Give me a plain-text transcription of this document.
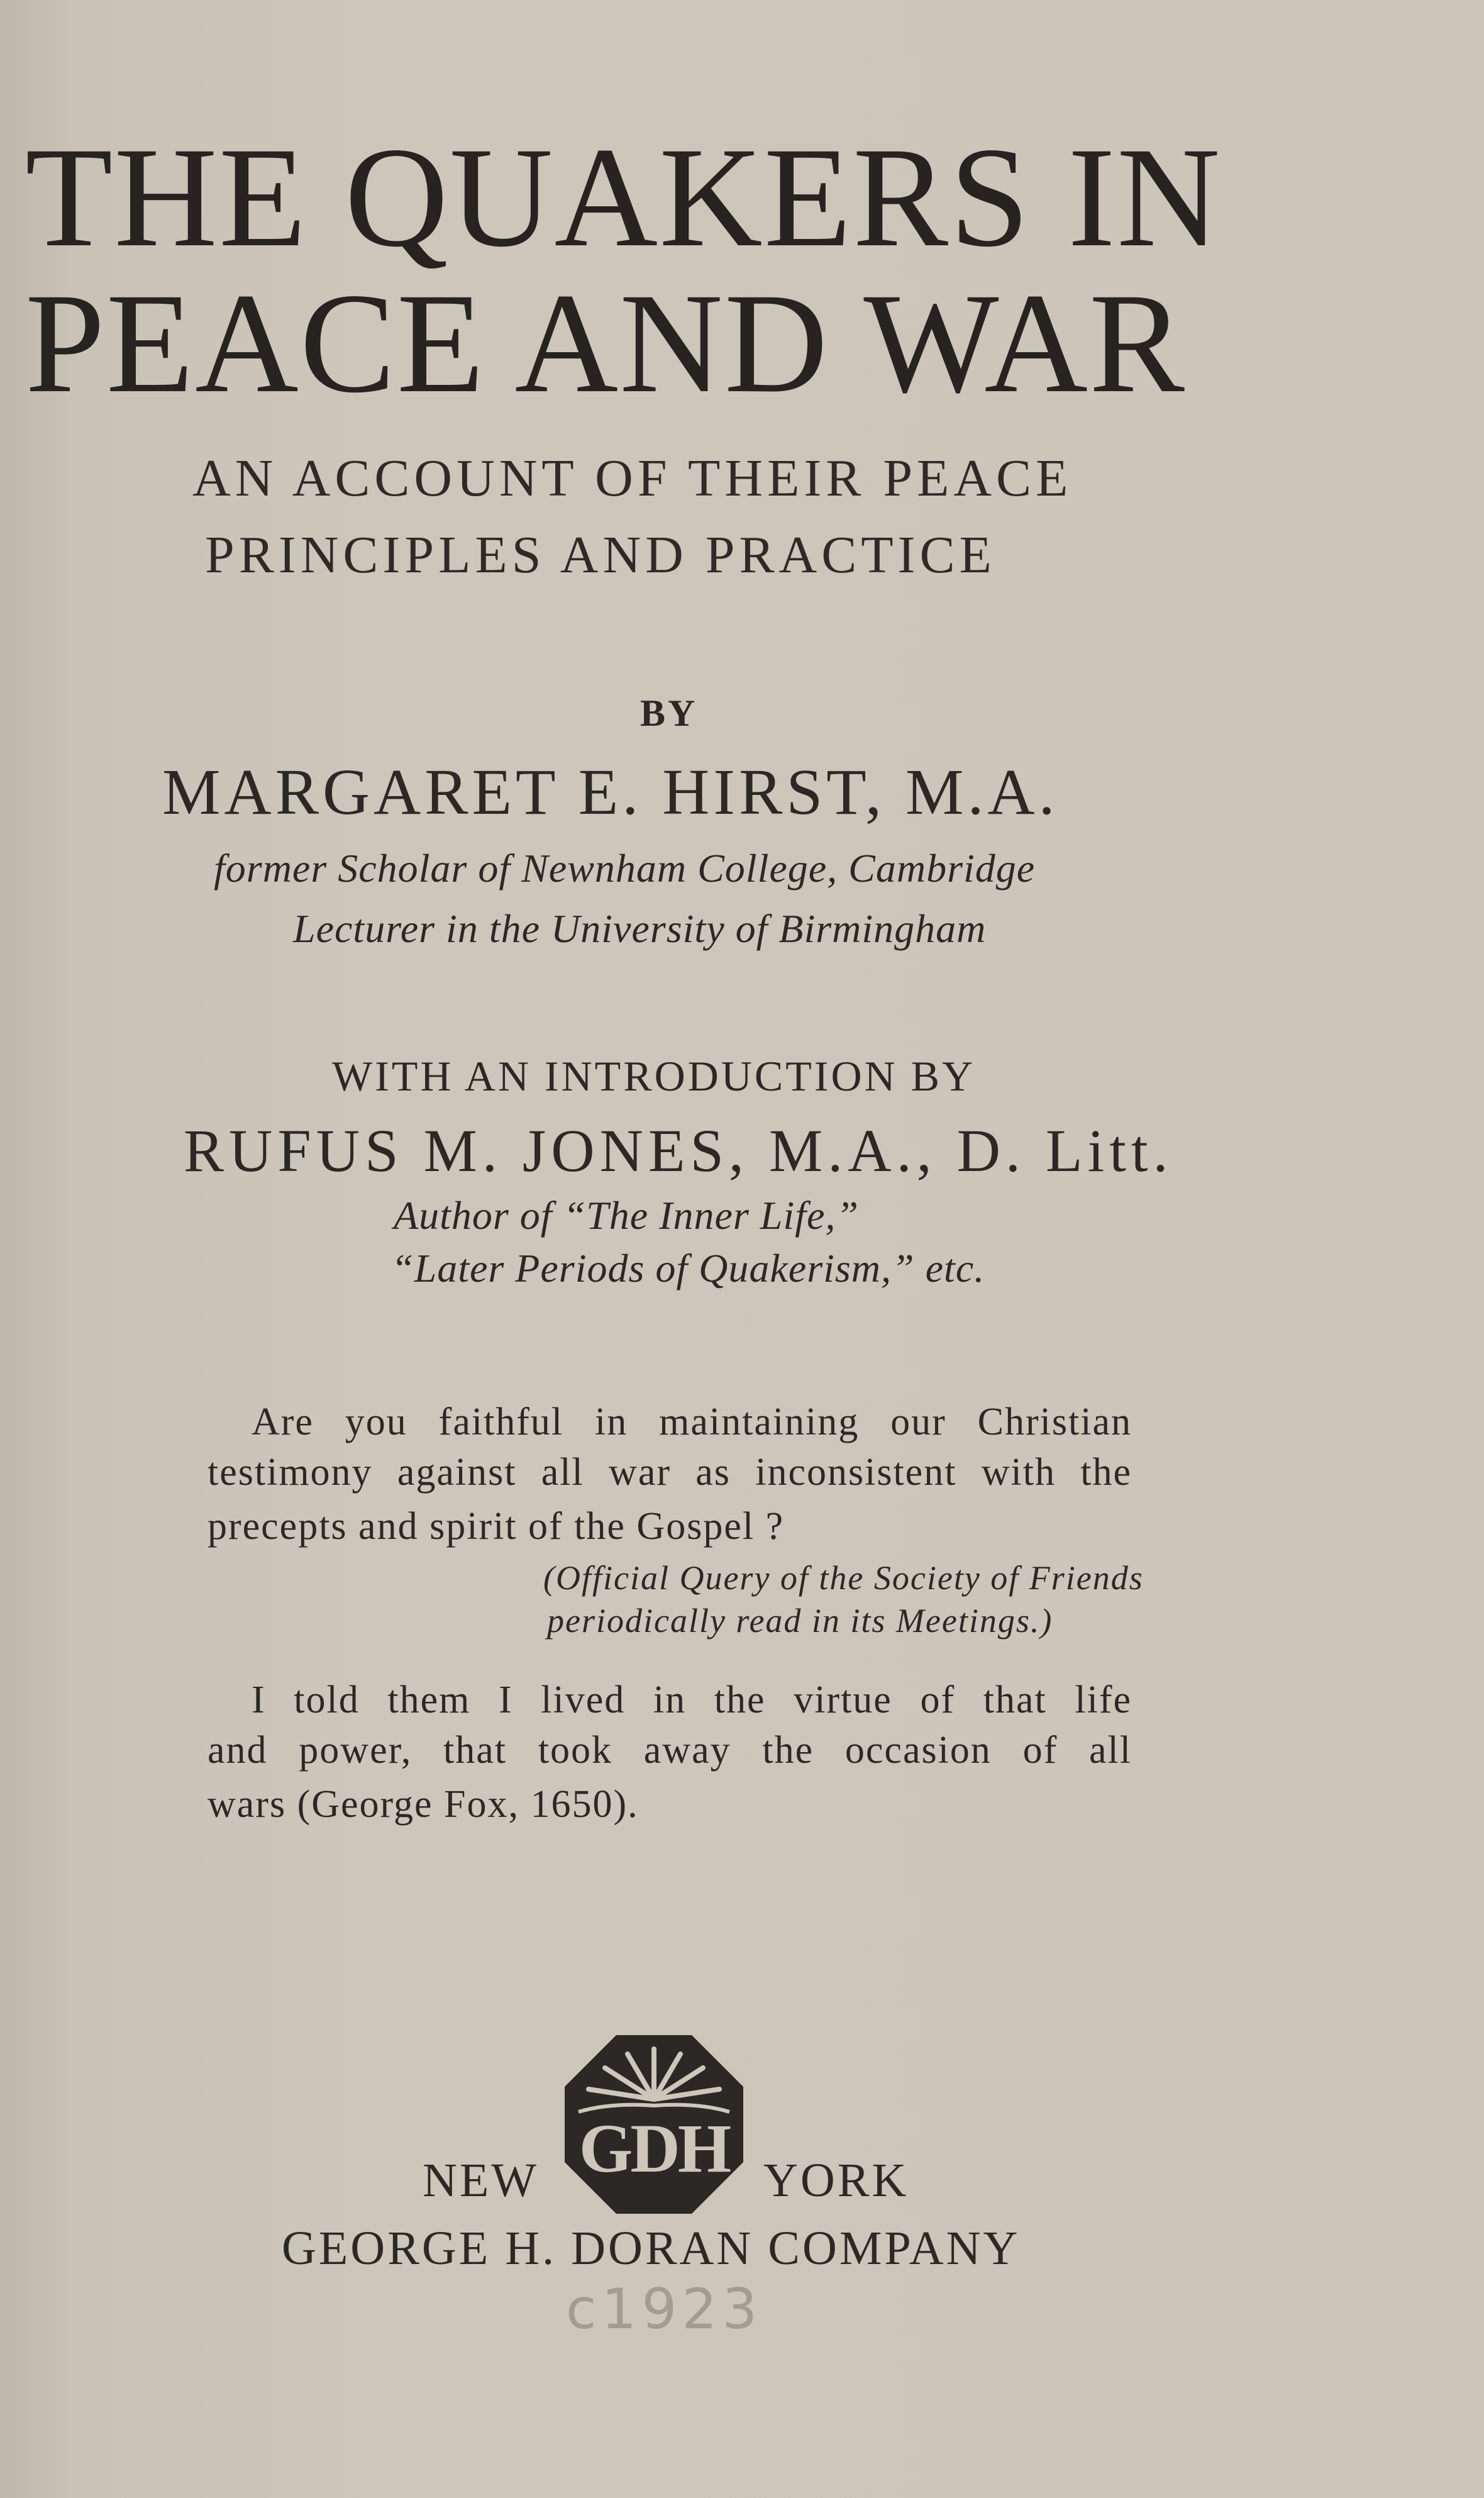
THE QUAKERS IN
PEACE AND WAR
AN ACCOUNT OF THEIR PEACE
PRINCIPLES AND PRACTICE
BY
MARGARET E. HIRST, M.A.
former Scholar of Newnham College, Cambridge
Lecturer in the University of Birmingham
WITH AN INTRODUCTION BY
RUFUS M. JONES, M.A., D. Litt.
Author of “The Inner Life,”
“Later Periods of Quakerism,” etc.
Are you faithful in maintaining our Christian
testimony against all war as inconsistent with the
precepts and spirit of the Gospel ?
(Official Query of the Society of Friends
periodically read in its Meetings.)
I told them I lived in the virtue of that life
and power, that took away the occasion of all
wars (George Fox, 1650).
GDH
NEW	YORK
GEORGE H. DORAN COMPANY
c1923
